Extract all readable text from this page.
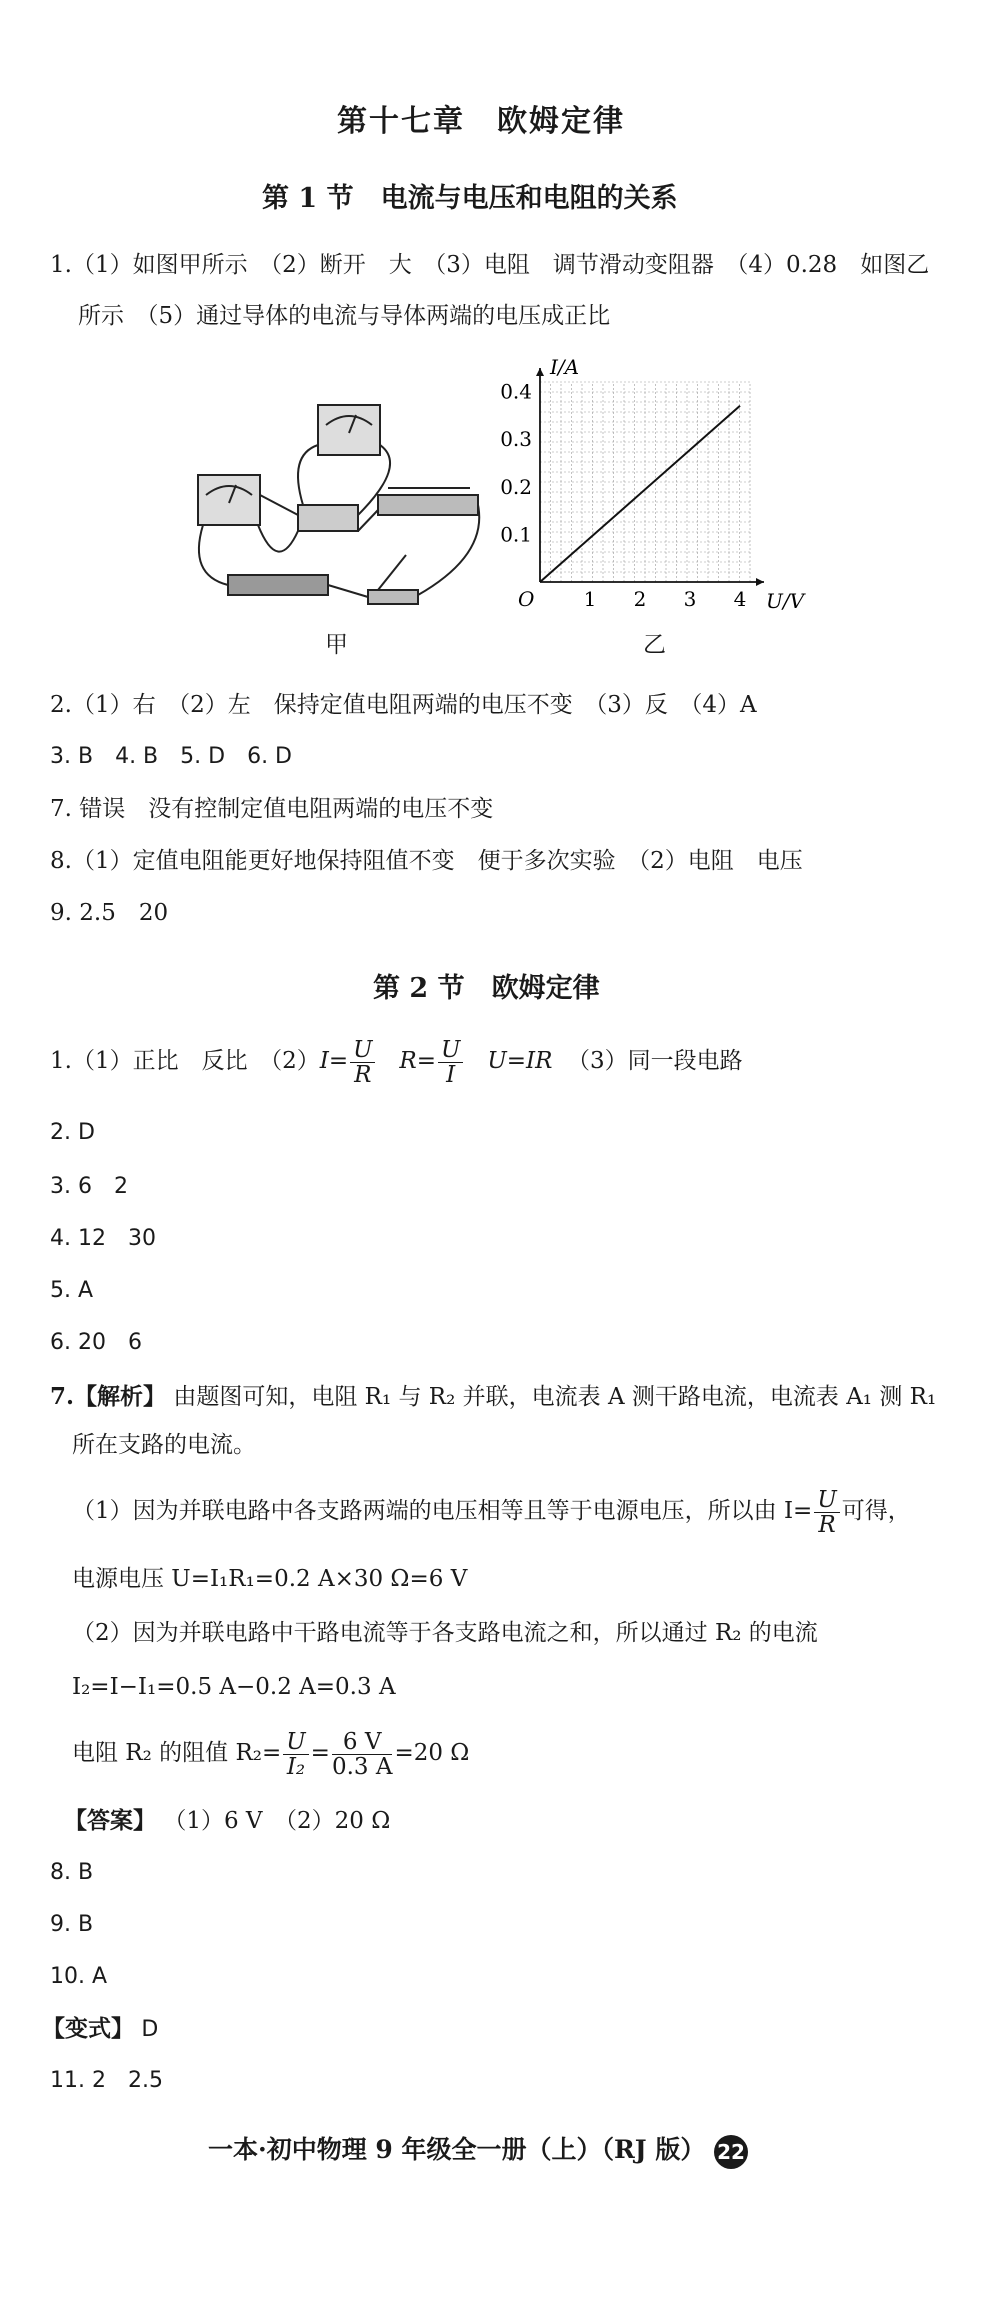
第十七章　欧姆定律
第 1 节　电流与电压和电阻的关系
1.（1）如图甲所示　（2）断开　大　（3）电阻　调节滑动变阻器　（4）0.28　如图乙
所示　（5）通过导体的电流与导体两端的电压成正比
甲
1 2 3 4
0.1
0.2
0.3
0.4
O	U/V
I/A
乙
2.（1）右　（2）左　保持定值电阻两端的电压不变　（3）反　（4）A
3. B　4. B　5. D　6. D
7. 错误　没有控制定值电阻两端的电压不变
8.（1）定值电阻能更好地保持阻值不变　便于多次实验　（2）电阻　电压
9. 2.5　20
第 2 节　欧姆定律
1.（1）正比　反比　$(2)I= \frac{U}{R} R= \frac{U}{I} U=IR$ （3）同一段电路
2. D
3. 6　2
4. 12　30
5. A
6. 20　6
7.【解析】 由题图可知，电阻 R₁ 与 R₂ 并联，电流表 A 测干路电流，电流表 A₁ 测 R₁
所在支路的电流。
（1）因为并联电路中各支路两端的电压相等且等于电源电压，所以由 $I= \frac{U}{R}$ 可得，
电源电压 U=I₁R₁=0.2 A×30 Ω=6 V
（2）因为并联电路中干路电流等于各支路电流之和，所以通过 R₂ 的电流
I₂=I−I₁=0.5 A−0.2 A=0.3 A
电阻 R₂ 的阻值 $R_2= \frac{U}{\text{I₂}} = \frac{6 V}{0.3 A} =20$ Ω
【答案】 （1）6 V　（2）20 Ω
8. B
9. B
10. A
【变式】 D
11. 2　2.5
一本·初中物理 9 年级全一册（上）（RJ 版） 22
